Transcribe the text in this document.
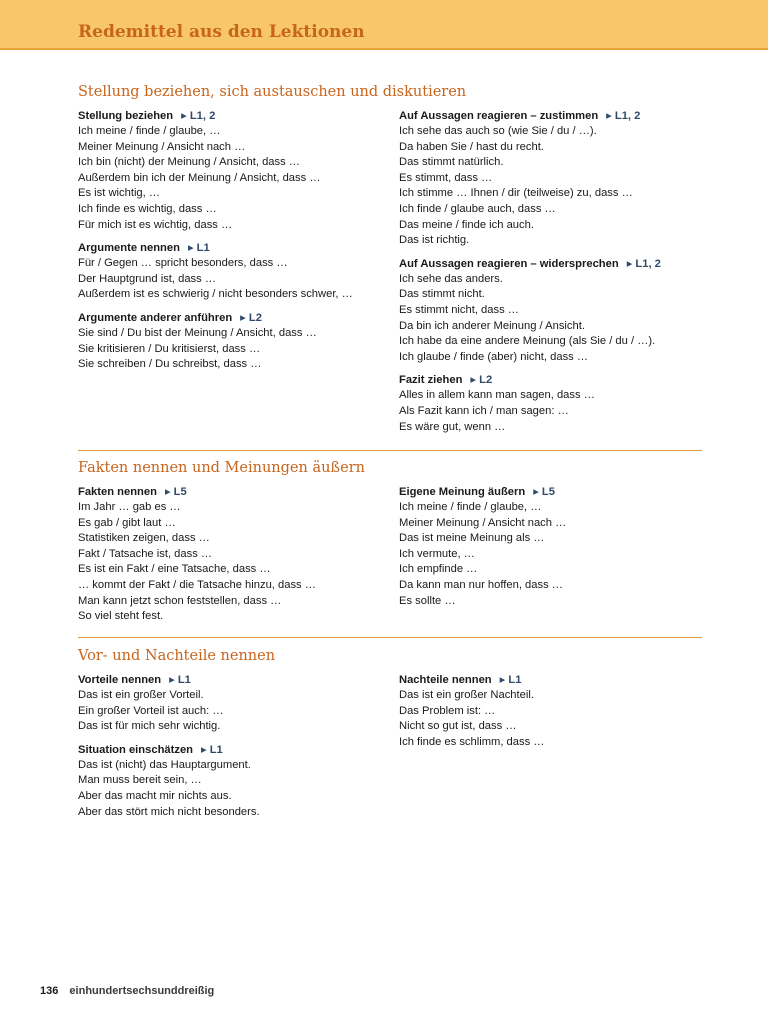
Redemittel aus den Lektionen
Stellung beziehen, sich austauschen und diskutieren
Stellung beziehen ▸ L1, 2
Ich meine / finde / glaube, …
Meiner Meinung / Ansicht nach …
Ich bin (nicht) der Meinung / Ansicht, dass …
Außerdem bin ich der Meinung / Ansicht, dass …
Es ist wichtig, …
Ich finde es wichtig, dass …
Für mich ist es wichtig, dass …
Argumente nennen ▸ L1
Für / Gegen … spricht besonders, dass …
Der Hauptgrund ist, dass …
Außerdem ist es schwierig / nicht besonders schwer, …
Argumente anderer anführen ▸ L2
Sie sind / Du bist der Meinung / Ansicht, dass …
Sie kritisieren / Du kritisierst, dass …
Sie schreiben / Du schreibst, dass …
Auf Aussagen reagieren – zustimmen ▸ L1, 2
Ich sehe das auch so (wie Sie / du / …).
Da haben Sie / hast du recht.
Das stimmt natürlich.
Es stimmt, dass …
Ich stimme … Ihnen / dir (teilweise) zu, dass …
Ich finde / glaube auch, dass …
Das meine / finde ich auch.
Das ist richtig.
Auf Aussagen reagieren – widersprechen ▸ L1, 2
Ich sehe das anders.
Das stimmt nicht.
Es stimmt nicht, dass …
Da bin ich anderer Meinung / Ansicht.
Ich habe da eine andere Meinung (als Sie / du / …).
Ich glaube / finde (aber) nicht, dass …
Fazit ziehen ▸ L2
Alles in allem kann man sagen, dass …
Als Fazit kann ich / man sagen: …
Es wäre gut, wenn …
Fakten nennen und Meinungen äußern
Fakten nennen ▸ L5
Im Jahr … gab es …
Es gab / gibt laut …
Statistiken zeigen, dass …
Fakt / Tatsache ist, dass …
Es ist ein Fakt / eine Tatsache, dass …
… kommt der Fakt / die Tatsache hinzu, dass …
Man kann jetzt schon feststellen, dass …
So viel steht fest.
Eigene Meinung äußern ▸ L5
Ich meine / finde / glaube, …
Meiner Meinung / Ansicht nach …
Das ist meine Meinung als …
Ich vermute, …
Ich empfinde …
Da kann man nur hoffen, dass …
Es sollte …
Vor- und Nachteile nennen
Vorteile nennen ▸ L1
Das ist ein großer Vorteil.
Ein großer Vorteil ist auch: …
Das ist für mich sehr wichtig.
Situation einschätzen ▸ L1
Das ist (nicht) das Hauptargument.
Man muss bereit sein, …
Aber das macht mir nichts aus.
Aber das stört mich nicht besonders.
Nachteile nennen ▸ L1
Das ist ein großer Nachteil.
Das Problem ist: …
Nicht so gut ist, dass …
Ich finde es schlimm, dass …
136 einhundertsechsunddreißig
